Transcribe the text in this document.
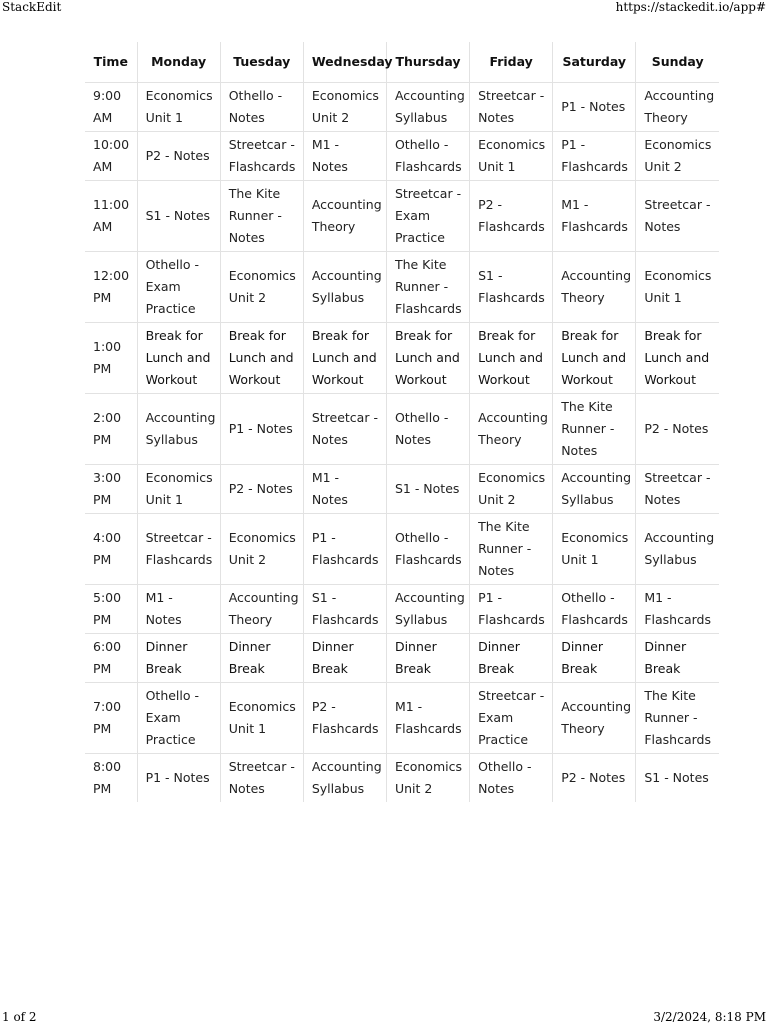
StackEdit	https://stackedit.io/app#
Time	Monday	Tuesday	Wednesday	Thursday	Friday	Saturday	Sunday
9:00 AM	Economics Unit 1	Othello - Notes	Economics Unit 2	Accounting Syllabus	Streetcar - Notes	P1 - Notes	Accounting Theory
10:00 AM	P2 - Notes	Streetcar - Flashcards	M1 - Notes	Othello - Flashcards	Economics Unit 1	P1 - Flashcards	Economics Unit 2
11:00 AM	S1 - Notes	The Kite Runner - Notes	Accounting Theory	Streetcar - Exam Practice	P2 - Flashcards	M1 - Flashcards	Streetcar - Notes
12:00 PM	Othello - Exam Practice	Economics Unit 2	Accounting Syllabus	The Kite Runner - Flashcards	S1 - Flashcards	Accounting Theory	Economics Unit 1
1:00 PM	Break for Lunch and Workout	Break for Lunch and Workout	Break for Lunch and Workout	Break for Lunch and Workout	Break for Lunch and Workout	Break for Lunch and Workout	Break for Lunch and Workout
2:00 PM	Accounting Syllabus	P1 - Notes	Streetcar - Notes	Othello - Notes	Accounting Theory	The Kite Runner - Notes	P2 - Notes
3:00 PM	Economics Unit 1	P2 - Notes	M1 - Notes	S1 - Notes	Economics Unit 2	Accounting Syllabus	Streetcar - Notes
4:00 PM	Streetcar - Flashcards	Economics Unit 2	P1 - Flashcards	Othello - Flashcards	The Kite Runner - Notes	Economics Unit 1	Accounting Syllabus
5:00 PM	M1 - Notes	Accounting Theory	S1 - Flashcards	Accounting Syllabus	P1 - Flashcards	Othello - Flashcards	M1 - Flashcards
6:00 PM	Dinner Break	Dinner Break	Dinner Break	Dinner Break	Dinner Break	Dinner Break	Dinner Break
7:00 PM	Othello - Exam Practice	Economics Unit 1	P2 - Flashcards	M1 - Flashcards	Streetcar - Exam Practice	Accounting Theory	The Kite Runner - Flashcards
8:00 PM	P1 - Notes	Streetcar - Notes	Accounting Syllabus	Economics Unit 2	Othello - Notes	P2 - Notes	S1 - Notes
1 of 2	3/2/2024, 8:18 PM
